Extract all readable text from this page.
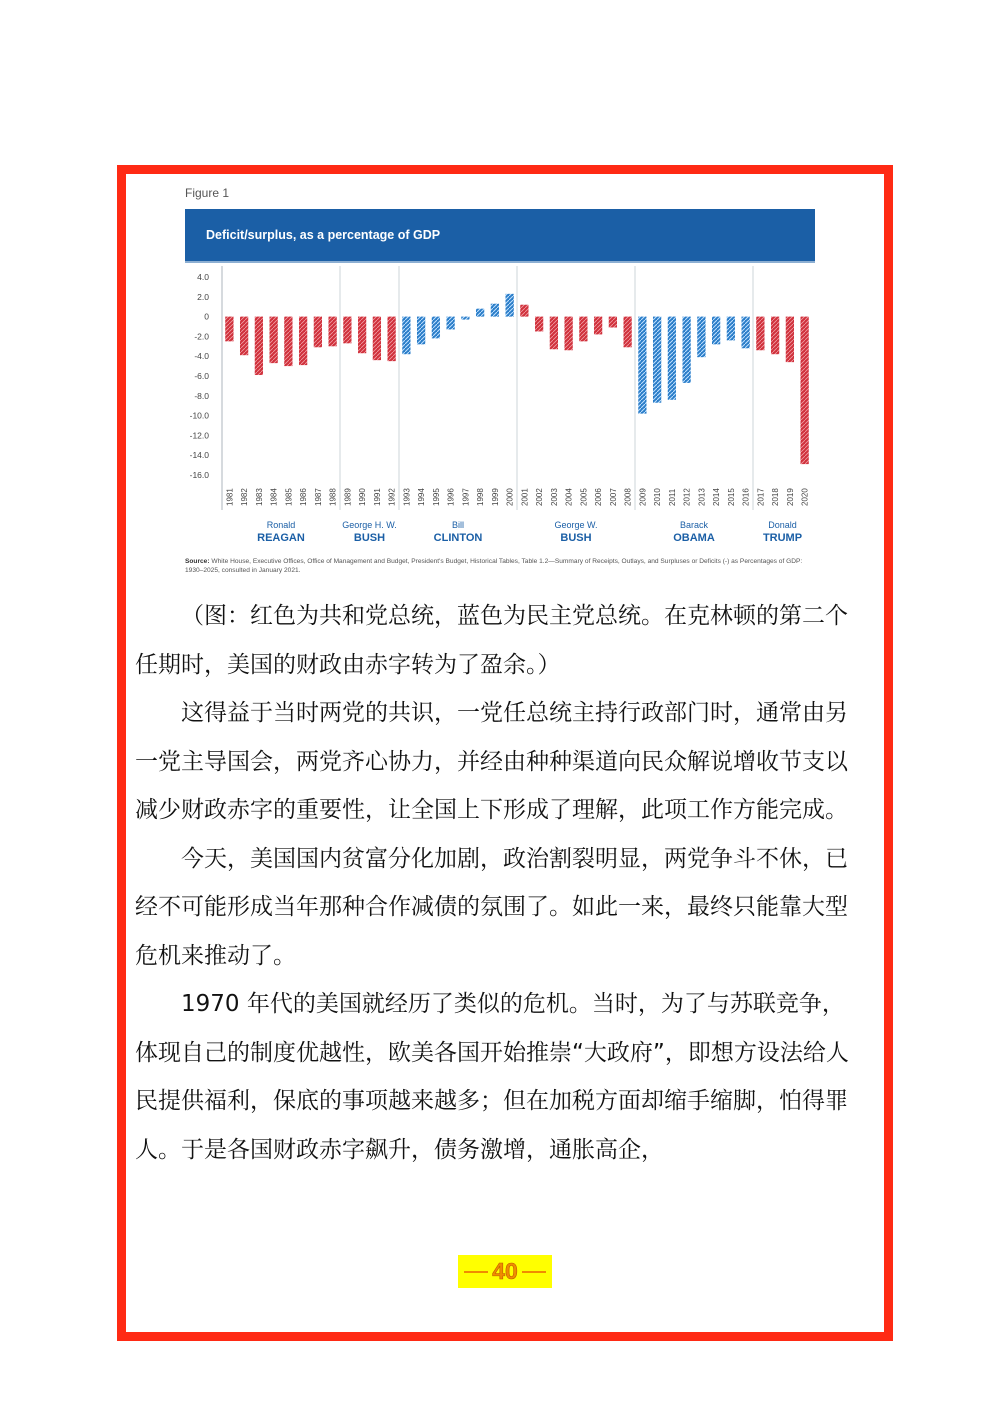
Figure 1
Deficit/surplus, as a percentage of GDP
4.0
2.0
0
-2.0
-4.0
-6.0
-8.0
-10.0
-12.0
-14.0
-16.0
Ronald
REAGAN
George H. W.
BUSH
Bill
CLINTON
George W.
BUSH
Barack
OBAMA
Donald
TRUMP
1981 1982 1983 1984 1985 1986 1987 1988 1989 1990 1991 1992 1993 1994 1995 1996 1997 1998 1999 2000 2001 2002 2003 2004 2005 2006 2007 2008 2009 2010 2011 2012 2013 2014 2015 2016 2017 2018 2019 2020
Source: White House, Executive Offices, Office of Management and Budget, President's Budget, Historical Tables, Table 1.2—Summary of Receipts, Outlays, and Surpluses or Deficits (-) as Percentages of GDP: 1930–2025, consulted in January 2021.

（图：红色为共和党总统，蓝色为民主党总统。在克林顿的第二个任期时，美国的财政由赤字转为了盈余。）

这得益于当时两党的共识，一党任总统主持行政部门时，通常由另一党主导国会，两党齐心协力，并经由种种渠道向民众解说增收节支以减少财政赤字的重要性，让全国上下形成了理解，此项工作方能完成。

今天，美国国内贫富分化加剧，政治割裂明显，两党争斗不休，已经不可能形成当年那种合作减债的氛围了。如此一来，最终只能靠大型危机来推动了。

1970 年代的美国就经历了类似的危机。当时，为了与苏联竞争，体现自己的制度优越性，欧美各国开始推崇“大政府”，即想方设法给人民提供福利，保底的事项越来越多；但在加税方面却缩手缩脚，怕得罪人。于是各国财政赤字飙升，债务激增，通胀高企，

40
